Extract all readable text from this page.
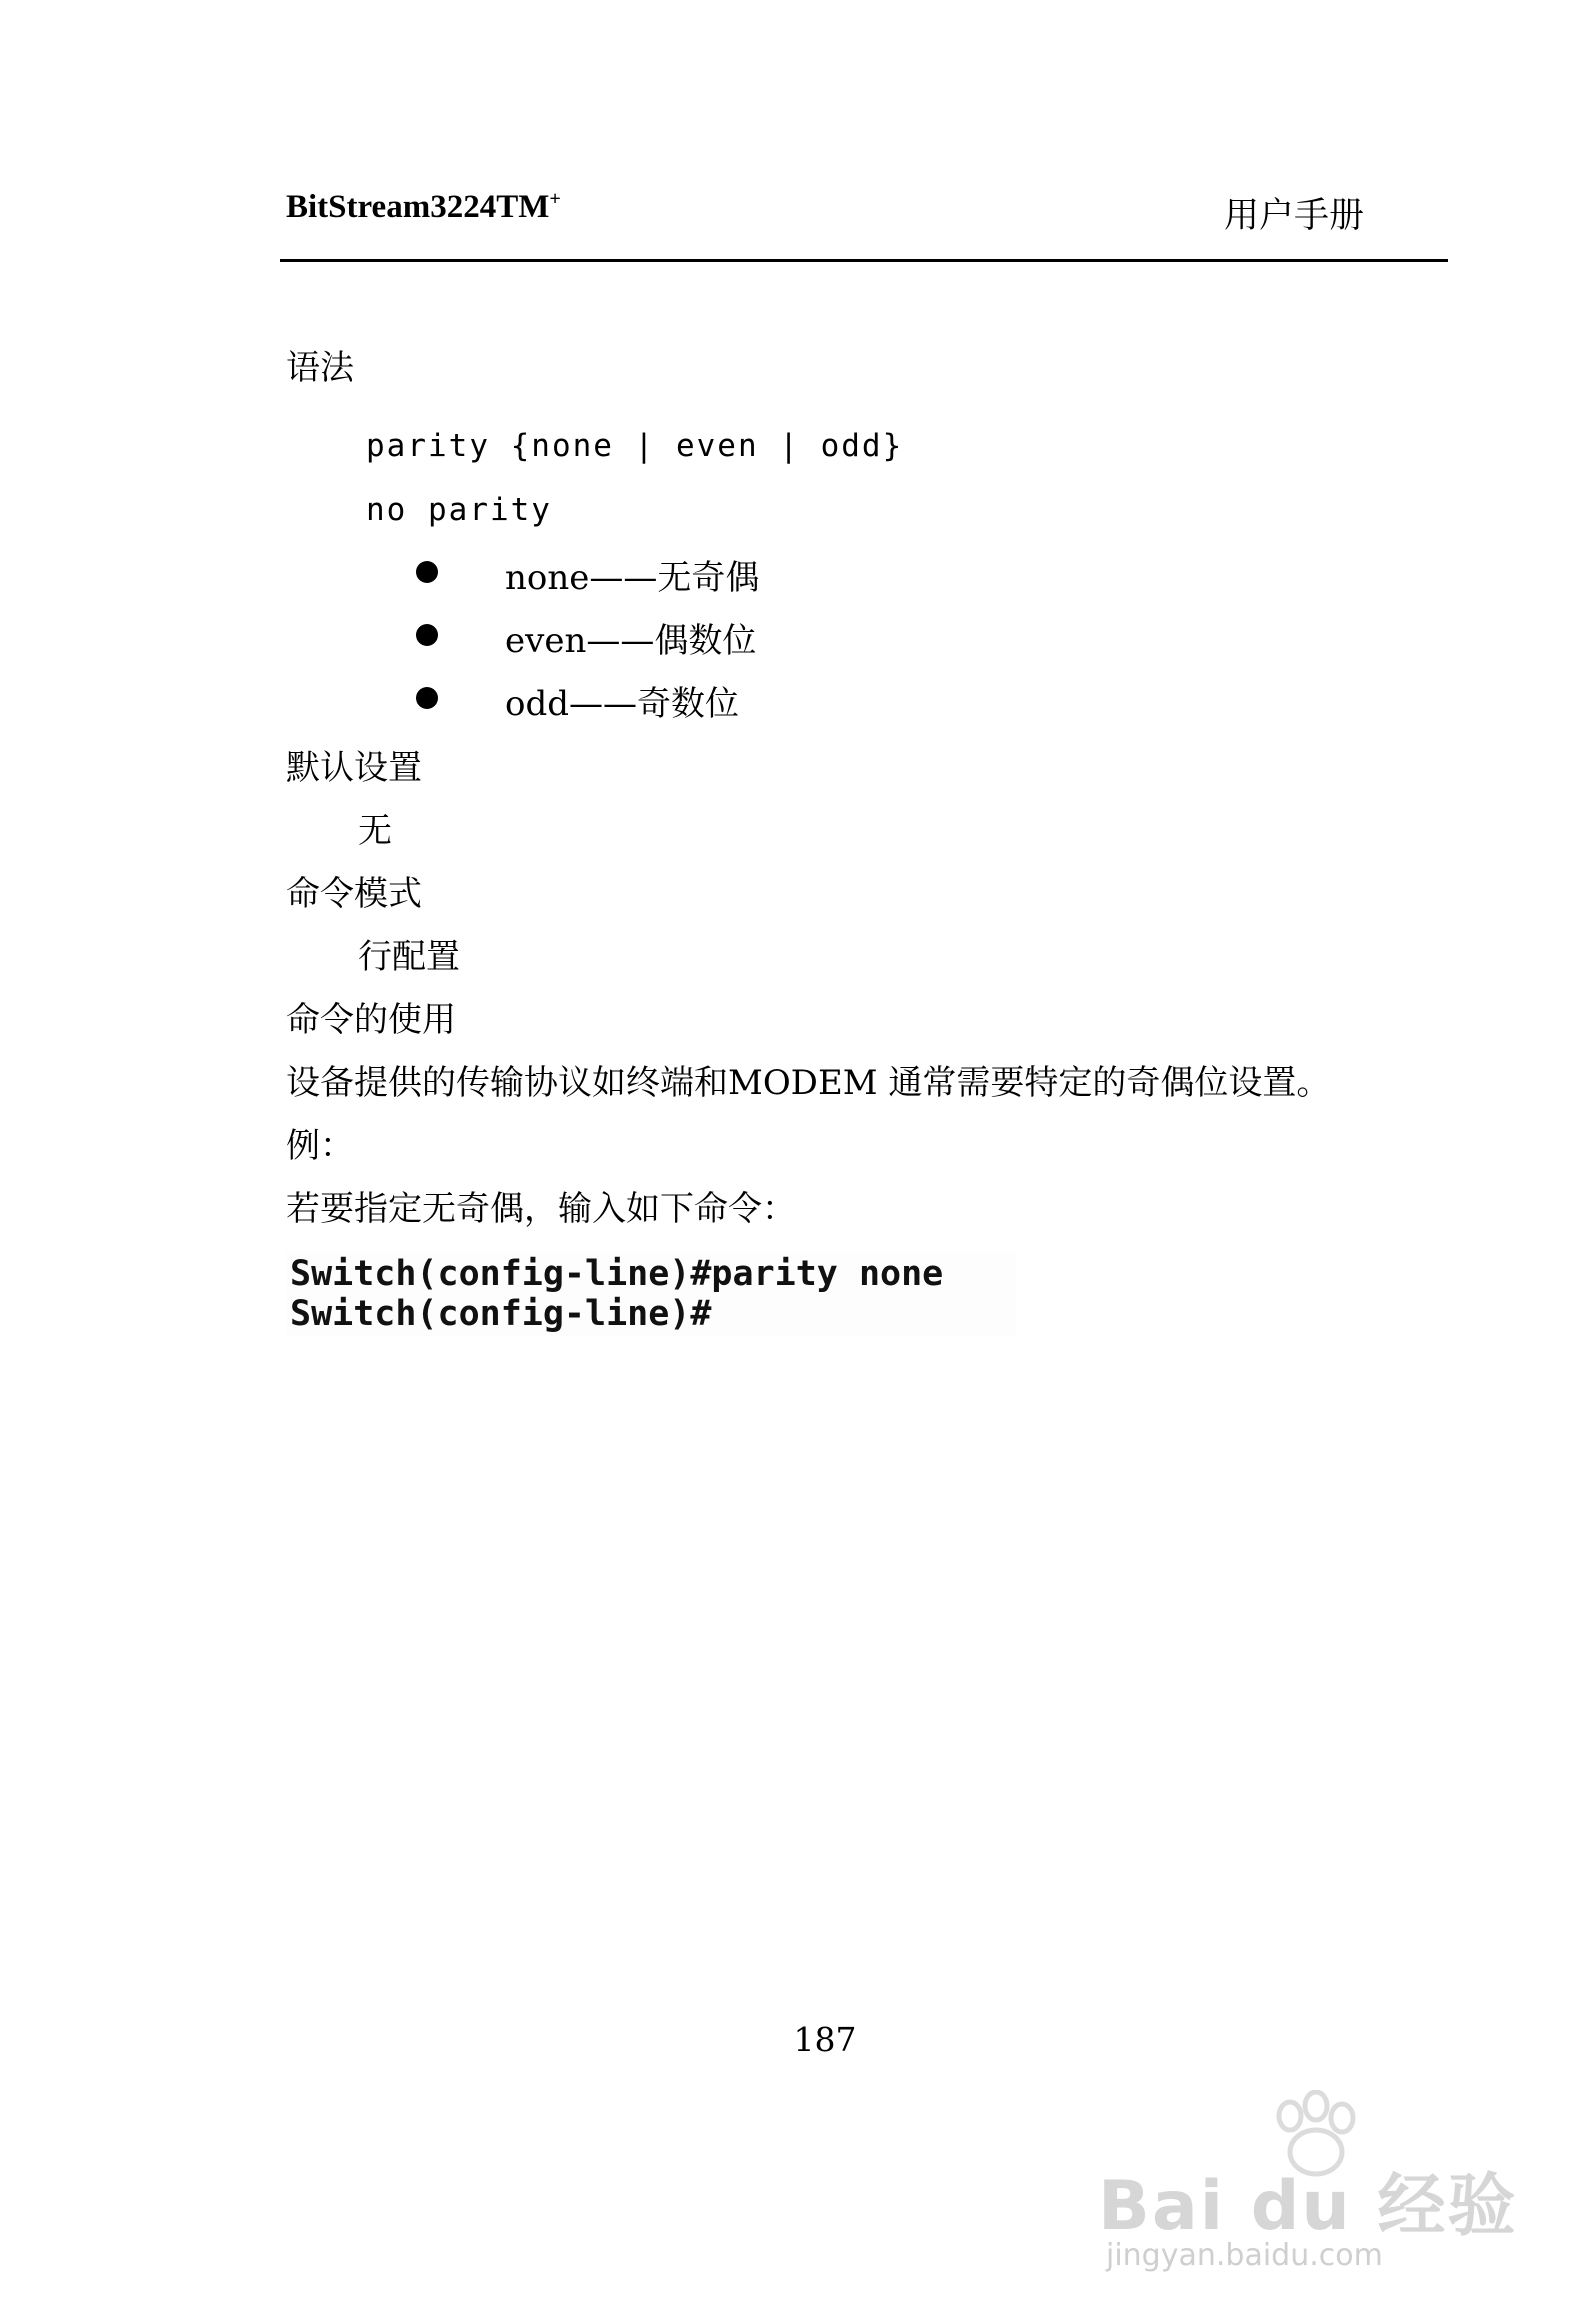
BitStream3224TM+	用户手册
语法
parity {none | even | odd}
no parity
none——无奇偶
even——偶数位
odd——奇数位
默认设置
无
命令模式
行配置
命令的使用
设备提供的传输协议如终端和MODEM 通常需要特定的奇偶位设置。
例：
若要指定无奇偶，输入如下命令：
Switch(config-line)#parity none
Switch(config-line)#
187
Bai du 经验
jingyan.baidu.com
